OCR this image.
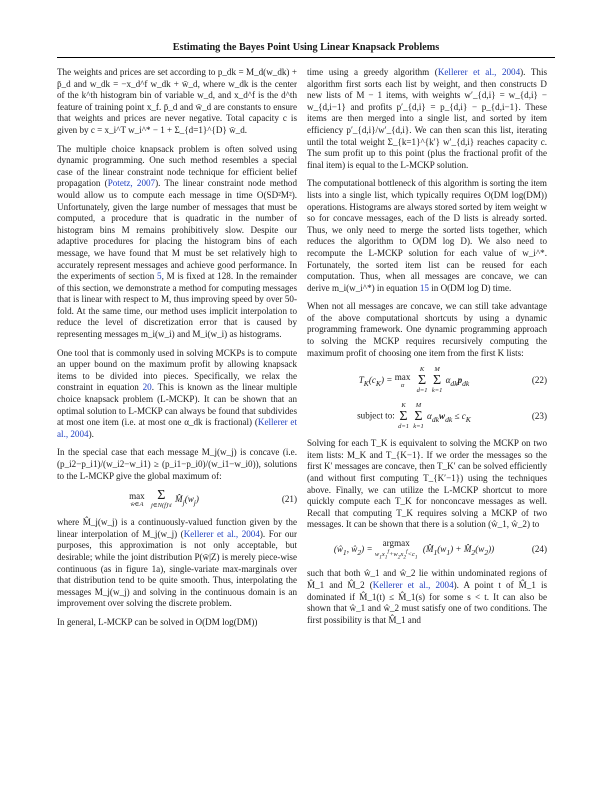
Estimating the Bayes Point Using Linear Knapsack Problems

The weights and prices are set according to p_dk = M_d(w_dk) + p̄_d and w_dk = −x_d^f w_dk + w̄_d, where w_dk is the center of the k^th histogram bin of variable w_d, and x_d^f is the d^th feature of training point x_f. p̄_d and w̄_d are constants to ensure that weights and prices are never negative. Total capacity c is given by c = x_i^T w_i^* − 1 + Σ_{d=1}^{D} w̄_d.

The multiple choice knapsack problem is often solved using dynamic programming. One such method resembles a special case of the linear constraint node technique for efficient belief propagation (Potetz, 2007). The linear constraint node method would allow us to compute each message in time O(SD²M²). Unfortunately, given the large number of messages that must be computed, a procedure that is quadratic in the number of histogram bins M remains prohibitively slow. Despite our adaptive procedures for placing the histogram bins of each message, we have found that M must be set relatively high to accurately represent messages and achieve good performance. In the experiments of section 5, M is fixed at 128. In the remainder of this section, we demonstrate a method for computing messages that is linear with respect to M, thus improving speed by over 50-fold. At the same time, our method uses implicit interpolation to reduce the level of discretization error that is caused by representing messages m_i(w_i) and M_i(w_i) as histograms.

One tool that is commonly used in solving MCKPs is to compute an upper bound on the maximum profit by allowing knapsack items to be divided into pieces. Specifically, we relax the constraint in equation 20. This is known as the linear multiple choice knapsack problem (L-MCKP). It can be shown that an optimal solution to L-MCKP can always be found that subdivides at most one item (i.e. at most one α_dk is fractional) (Kellerer et al., 2004).

In the special case that each message M_j(w_j) is concave (i.e. (p_i2−p_i1)/(w_i2−w_i1) ≥ (p_i1−p_i0)/(w_i1−w_i0)), solutions to the L-MCKP give the global maximum of:

max
w̄∈A

Σ
j∈N(f)\i
$M̂_j(w_j)$	(21)

where M̂_j(w_j) is a continuously-valued function given by the linear interpolation of M_j(w_j) (Kellerer et al., 2004). For our purposes, this approximation is not only acceptable, but desirable; while the joint distribution P(w̄|Z) is merely piece-wise continuous (as in figure 1a), single-variate max-marginals over that distribution tend to be quite smooth. Thus, interpolating the messages M_j(w_j) and solving in the continuous domain is an improvement over solving the discrete problem.

In general, L-MCKP can be solved in O(DM log(DM))

time using a greedy algorithm (Kellerer et al., 2004). This algorithm first sorts each list by weight, and then constructs D new lists of M − 1 items, with weights w′_{d,i} = w_{d,i} − w_{d,i−1} and profits p′_{d,i} = p_{d,i} − p_{d,i−1}. These items are then merged into a single list, and sorted by item efficiency p′_{d,i}/w′_{d,i}. We can then scan this list, iterating until the total weight Σ_{k=1}^{k′} w′_{d,i} reaches capacity c. The sum profit up to this point (plus the fractional profit of the final item) is equal to the L-MCKP solution.

The computational bottleneck of this algorithm is sorting the item lists into a single list, which typically requires O(DM log(DM)) operations. Histograms are always stored sorted by item weight w so for concave messages, each of the D lists is already sorted. Thus, we only need to merge the sorted lists together, which reduces the algorithm to O(DM log D). We also need to recompute the L-MCKP solution for each value of w_i^*. Fortunately, the sorted item list can be reused for each computation. Thus, when all messages are concave, we can derive m_i(w_i^*) in equation 15 in O(DM log D) time.

When not all messages are concave, we can still take advantage of the above computational shortcuts by using a dynamic programming framework. One dynamic programming approach to solving the MCKP requires recursively computing the maximum profit of choosing one item from the first K lists:

$T_K(c_K) = \max$
α

K
Σ
d=1

M
Σ
k=1
$\alpha_{dk}p_{dk}$	(22)
subject to:
K
Σ
d=1

M
Σ
k=1
$\alpha_{dk}w_{dk} \le c_K$	(23)

Solving for each T_K is equivalent to solving the MCKP on two item lists: M_K and T_{K−1}. If we order the messages so the first K′ messages are concave, then T_K′ can be solved efficiently (and without first computing T_{K′−1}) using the techniques above. Finally, we can utilize the L-MCKP shortcut to more quickly compute each T_K for nonconcave messages as well. Recall that computing T_K requires solving a MCKP of two messages. It can be shown that there is a solution (ŵ_1, ŵ_2) to

($ŵ_1$, $ŵ_2$) =
argmax
$w_1x_1^f+w_2x_2^f<c_1$
($M̂_1(w_1)$ + $M̂_2(w_2)$)	(24)

such that both ŵ_1 and ŵ_2 lie within undominated regions of M̂_1 and M̂_2 (Kellerer et al., 2004). A point t of M̂_1 is dominated if M̂_1(t) ≤ M̂_1(s) for some s < t. It can also be shown that ŵ_1 and ŵ_2 must satisfy one of two conditions. The first possibility is that M̂_1 and
